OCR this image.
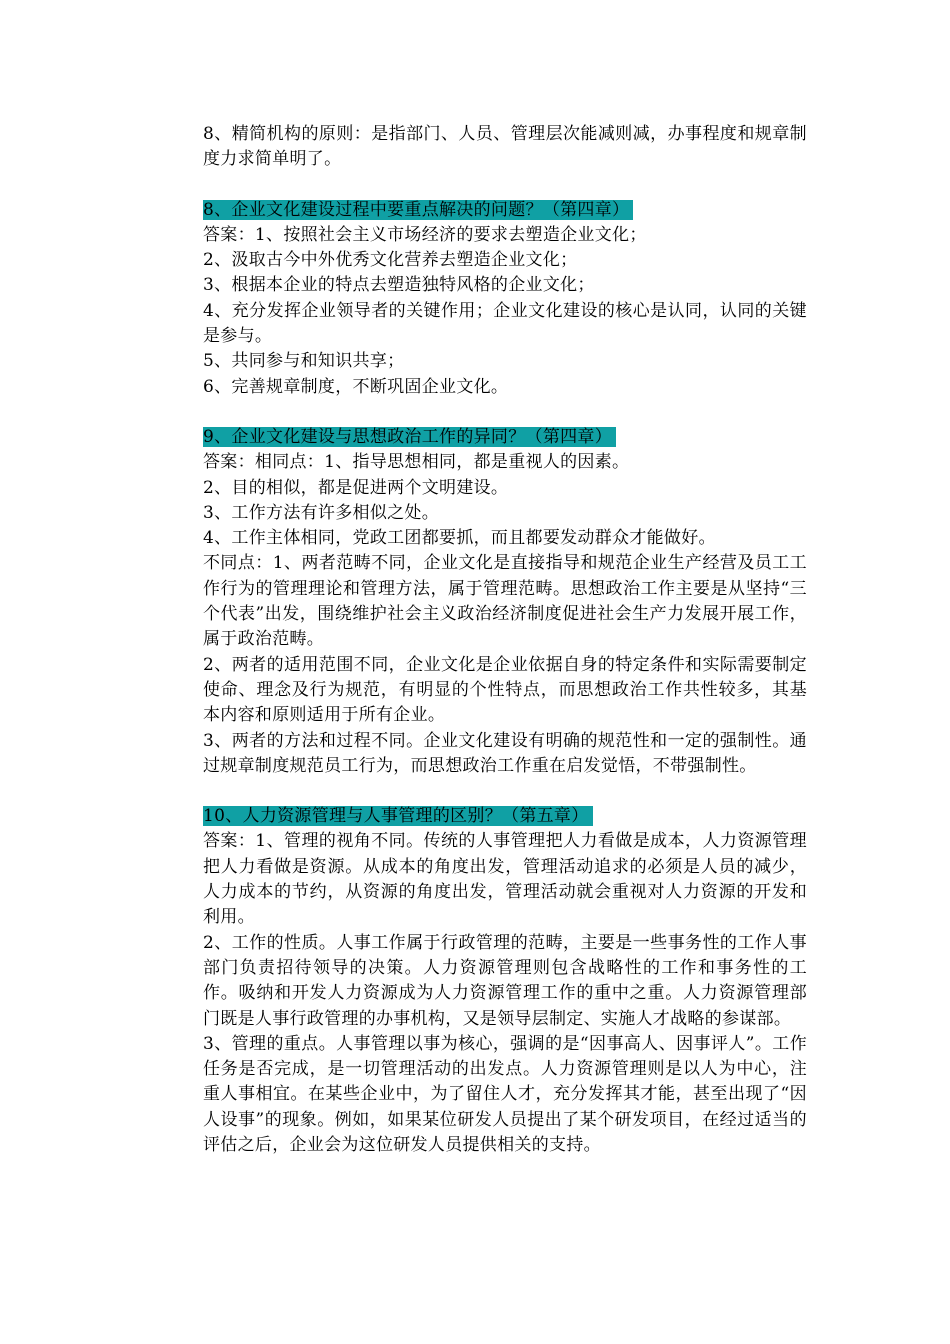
8、精简机构的原则：是指部门、人员、管理层次能减则减，办事程度和规章制度力求简单明了。

8、企业文化建设过程中要重点解决的问题？（第四章）

答案：1、按照社会主义市场经济的要求去塑造企业文化；

2、汲取古今中外优秀文化营养去塑造企业文化；

3、根据本企业的特点去塑造独特风格的企业文化；

4、充分发挥企业领导者的关键作用；企业文化建设的核心是认同，认同的关键是参与。

5、共同参与和知识共享；

6、完善规章制度，不断巩固企业文化。

9、企业文化建设与思想政治工作的异同？（第四章）

答案：相同点：1、指导思想相同，都是重视人的因素。

2、目的相似，都是促进两个文明建设。

3、工作方法有许多相似之处。

4、工作主体相同，党政工团都要抓，而且都要发动群众才能做好。

不同点：1、两者范畴不同，企业文化是直接指导和规范企业生产经营及员工工作行为的管理理论和管理方法，属于管理范畴。思想政治工作主要是从坚持“三个代表”出发，围绕维护社会主义政治经济制度促进社会生产力发展开展工作，属于政治范畴。

2、两者的适用范围不同，企业文化是企业依据自身的特定条件和实际需要制定使命、理念及行为规范，有明显的个性特点，而思想政治工作共性较多，其基本内容和原则适用于所有企业。

3、两者的方法和过程不同。企业文化建设有明确的规范性和一定的强制性。通过规章制度规范员工行为，而思想政治工作重在启发觉悟，不带强制性。

10、人力资源管理与人事管理的区别？（第五章）

答案：1、管理的视角不同。传统的人事管理把人力看做是成本，人力资源管理把人力看做是资源。从成本的角度出发，管理活动追求的必须是人员的减少，人力成本的节约，从资源的角度出发，管理活动就会重视对人力资源的开发和利用。

2、工作的性质。人事工作属于行政管理的范畴，主要是一些事务性的工作人事部门负责招待领导的决策。人力资源管理则包含战略性的工作和事务性的工作。吸纳和开发人力资源成为人力资源管理工作的重中之重。人力资源管理部门既是人事行政管理的办事机构，又是领导层制定、实施人才战略的参谋部。

3、管理的重点。人事管理以事为核心，强调的是“因事高人、因事评人”。工作任务是否完成，是一切管理活动的出发点。人力资源管理则是以人为中心，注重人事相宜。在某些企业中，为了留住人才，充分发挥其才能，甚至出现了“因人设事”的现象。例如，如果某位研发人员提出了某个研发项目，在经过适当的评估之后，企业会为这位研发人员提供相关的支持。
